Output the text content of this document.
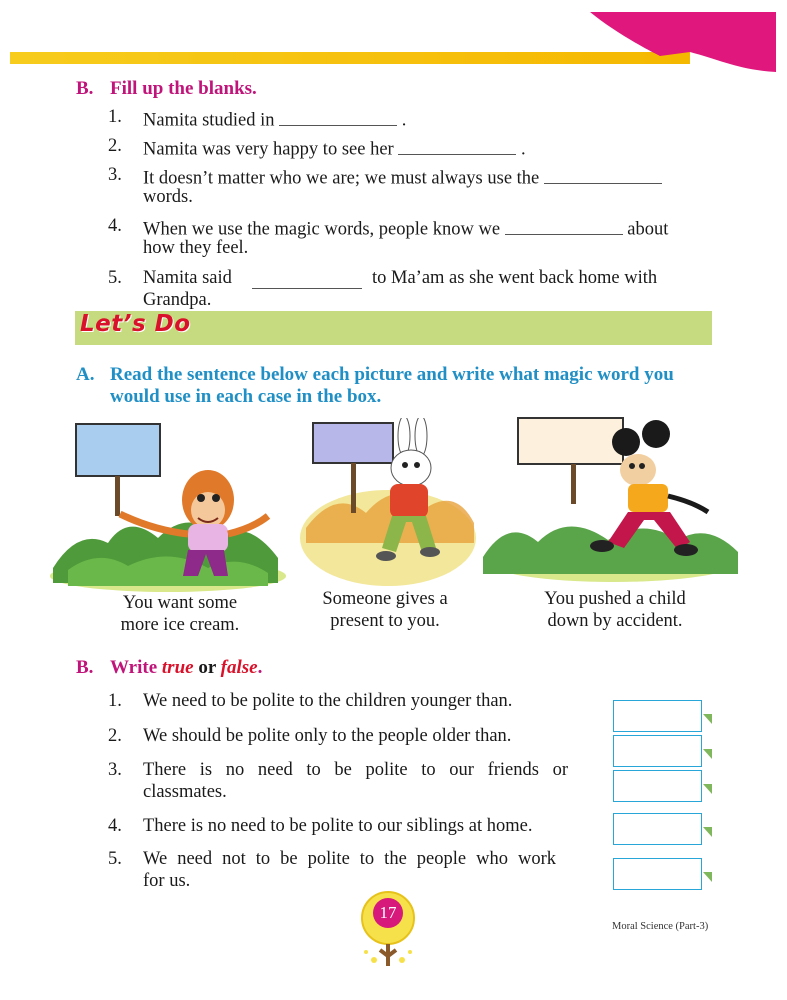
B. Fill up the blanks.
1. Namita studied in	.
2. Namita was very happy to see her	.
3. It doesn’t matter who we are; we must always use the
words.
4. When we use the magic words, people know we	about
how they feel.
5. Namita said	to Ma’am as she went back home with
Grandpa.
Let’s Do
A. Read the sentence below each picture and write what magic word you
would use in each case in the box.
You want some
more ice cream.
Someone gives a
present to you.
You pushed a child
down by accident.
B. Write true or false.
1. We need to be polite to the children younger than.
2. We should be polite only to the people older than.
3. There is no need to be polite to our friends or
classmates.
4. There is no need to be polite to our siblings at home.
5. We need not to be polite to the people who work
for us.
17
Moral Science (Part-3)
